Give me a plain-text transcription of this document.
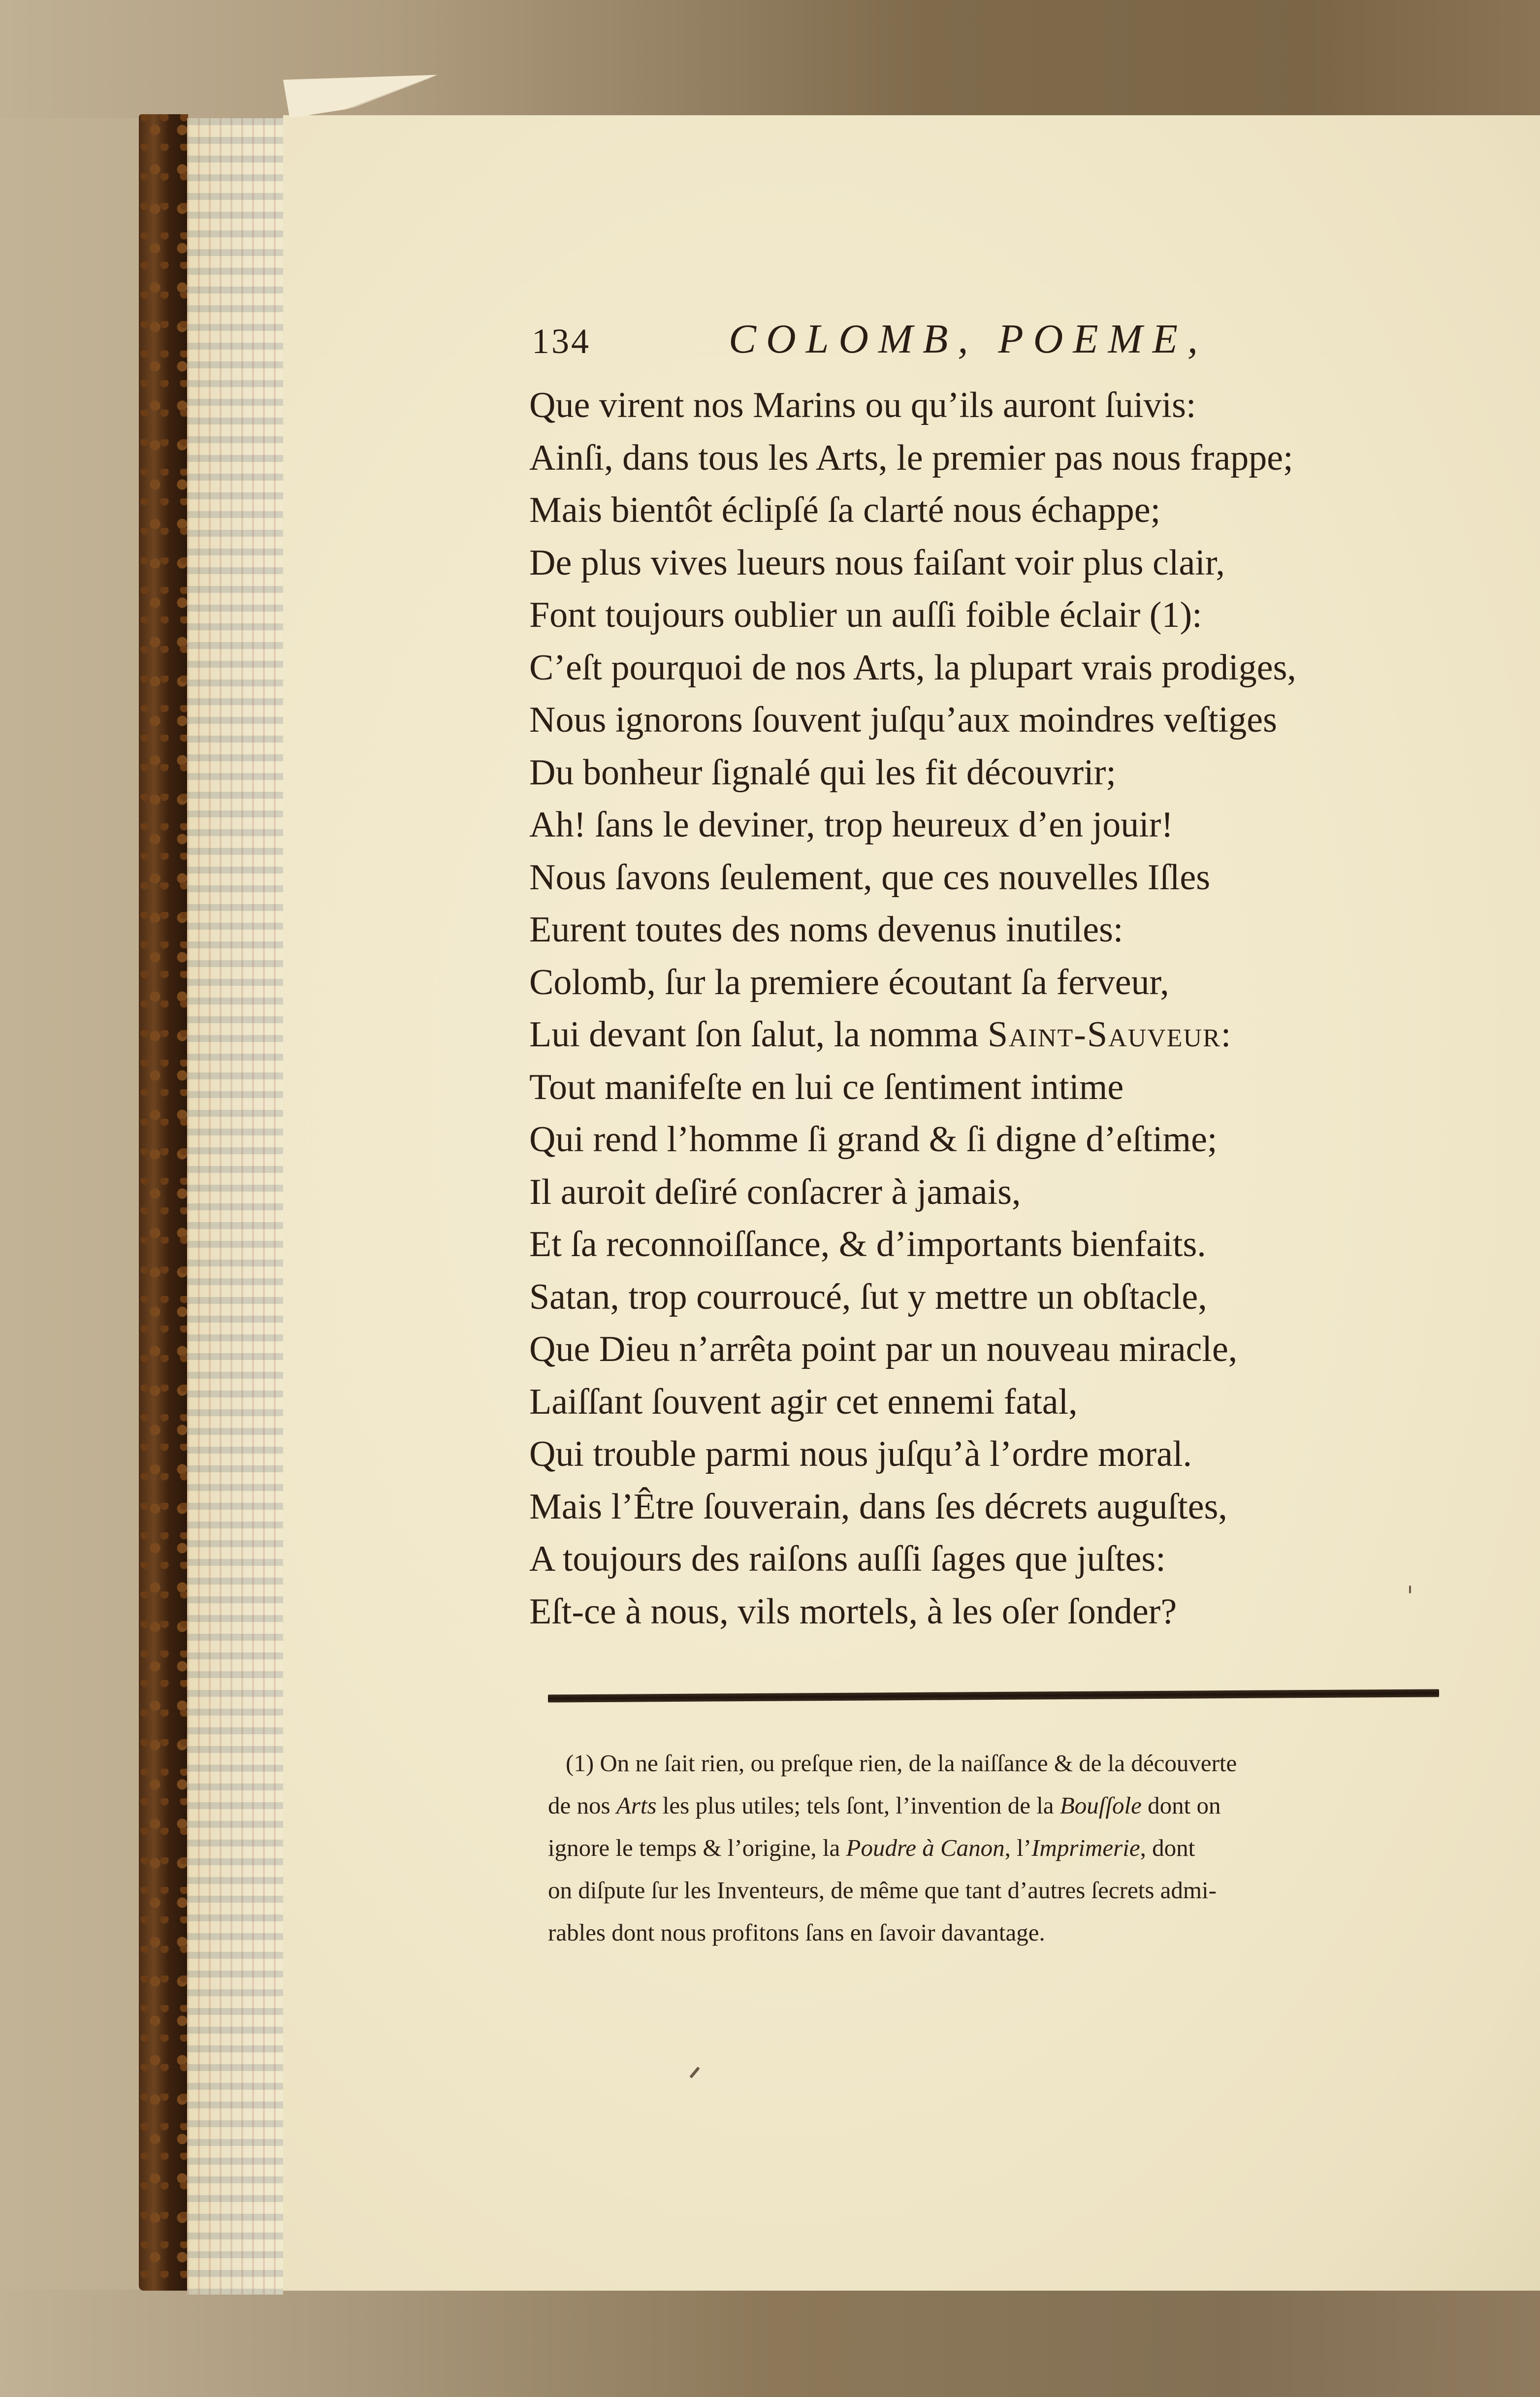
134	COLOMB, POEME,
Que virent nos Marins ou qu’ils auront ſuivis:
Ainſi, dans tous les Arts, le premier pas nous frappe;
Mais bientôt éclipſé ſa clarté nous échappe;
De plus vives lueurs nous faiſant voir plus clair,
Font toujours oublier un auſſi foible éclair (1):
C’eſt pourquoi de nos Arts, la plupart vrais prodiges,
Nous ignorons ſouvent juſqu’aux moindres veſtiges
Du bonheur ſignalé qui les fit découvrir;
Ah! ſans le deviner, trop heureux d’en jouir!
Nous ſavons ſeulement, que ces nouvelles Iſles
Eurent toutes des noms devenus inutiles:
Colomb, ſur la premiere écoutant ſa ferveur,
Lui devant ſon ſalut, la nomma Saint-Sauveur:
Tout manifeſte en lui ce ſentiment intime
Qui rend l’homme ſi grand & ſi digne d’eſtime;
Il auroit deſiré conſacrer à jamais,
Et ſa reconnoiſſance, & d’importants bienfaits.
Satan, trop courroucé, ſut y mettre un obſtacle,
Que Dieu n’arrêta point par un nouveau miracle,
Laiſſant ſouvent agir cet ennemi fatal,
Qui trouble parmi nous juſqu’à l’ordre moral.
Mais l’Être ſouverain, dans ſes décrets auguſtes,
A toujours des raiſons auſſi ſages que juſtes:
Eſt-ce à nous, vils mortels, à les oſer ſonder?
(1) On ne ſait rien, ou preſque rien, de la naiſſance & de la découverte
de nos Arts les plus utiles; tels ſont, l’invention de la Bouſſole dont on
ignore le temps & l’origine, la Poudre à Canon, l’Imprimerie, dont
on diſpute ſur les Inventeurs, de même que tant d’autres ſecrets admi-
rables dont nous profitons ſans en ſavoir davantage.
